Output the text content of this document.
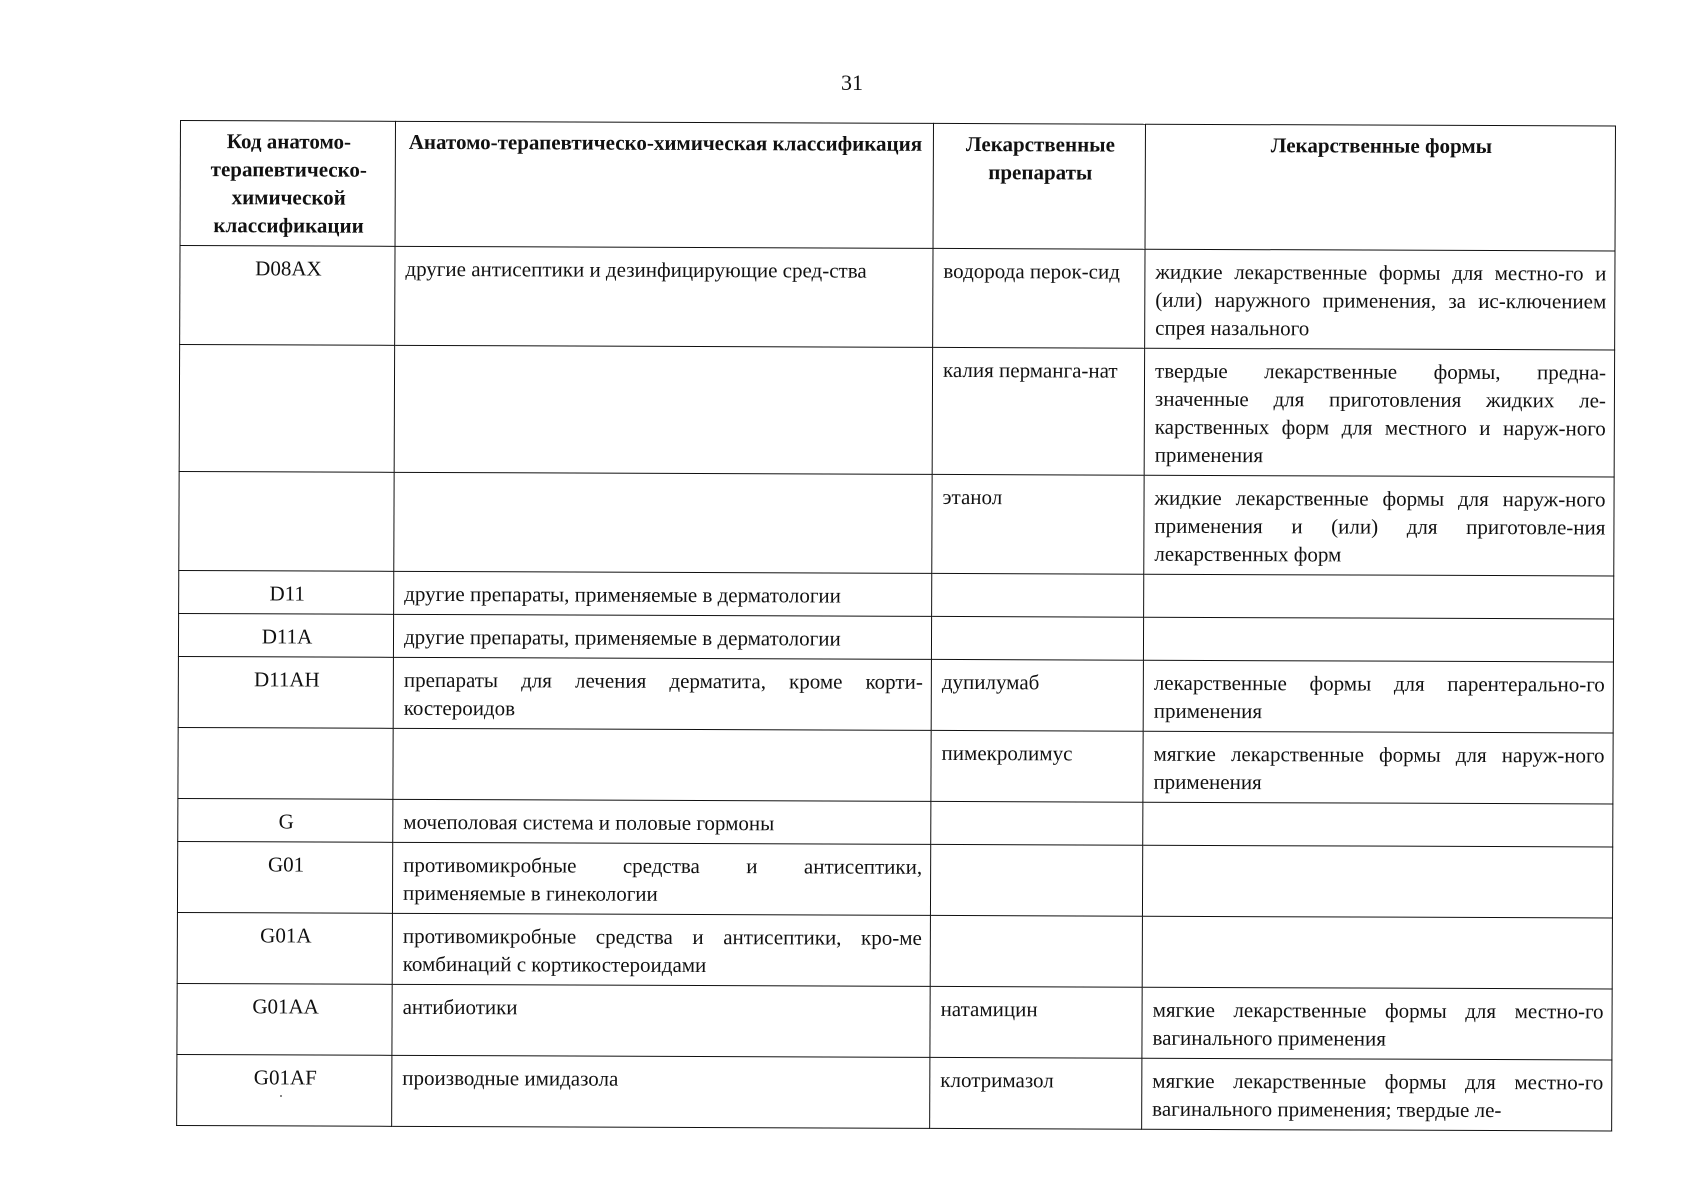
31
Код анатомо-терапевтическо-химической классификации	Анатомо-терапевтическо-химическая классификация	Лекарственные препараты	Лекарственные формы
D08AX	другие антисептики и дезинфицирующие сред-ства	водорода перок-сид	жидкие лекарственные формы для местно-го и (или) наружного применения, за ис-ключением спрея назального
		калия перманга-нат	твердые лекарственные формы, предна-значенные для приготовления жидких ле-карственных форм для местного и наруж-ного применения
		этанол	жидкие лекарственные формы для наруж-ного применения и (или) для приготовле-ния лекарственных форм
D11	другие препараты, применяемые в дерматологии		
D11A	другие препараты, применяемые в дерматологии		
D11AH	препараты для лечения дерматита, кроме корти-костероидов	дупилумаб	лекарственные формы для парентерально-го применения
		пимекролимус	мягкие лекарственные формы для наруж-ного применения
G	мочеполовая система и половые гормоны		
G01	противомикробные средства и антисептики, применяемые в гинекологии		
G01A	противомикробные средства и антисептики, кро-ме комбинаций с кортикостероидами		
G01AA	антибиотики	натамицин	мягкие лекарственные формы для местно-го вагинального применения
G01AF	производные имидазола	клотримазол	мягкие лекарственные формы для местно-го вагинального применения; твердые ле-
